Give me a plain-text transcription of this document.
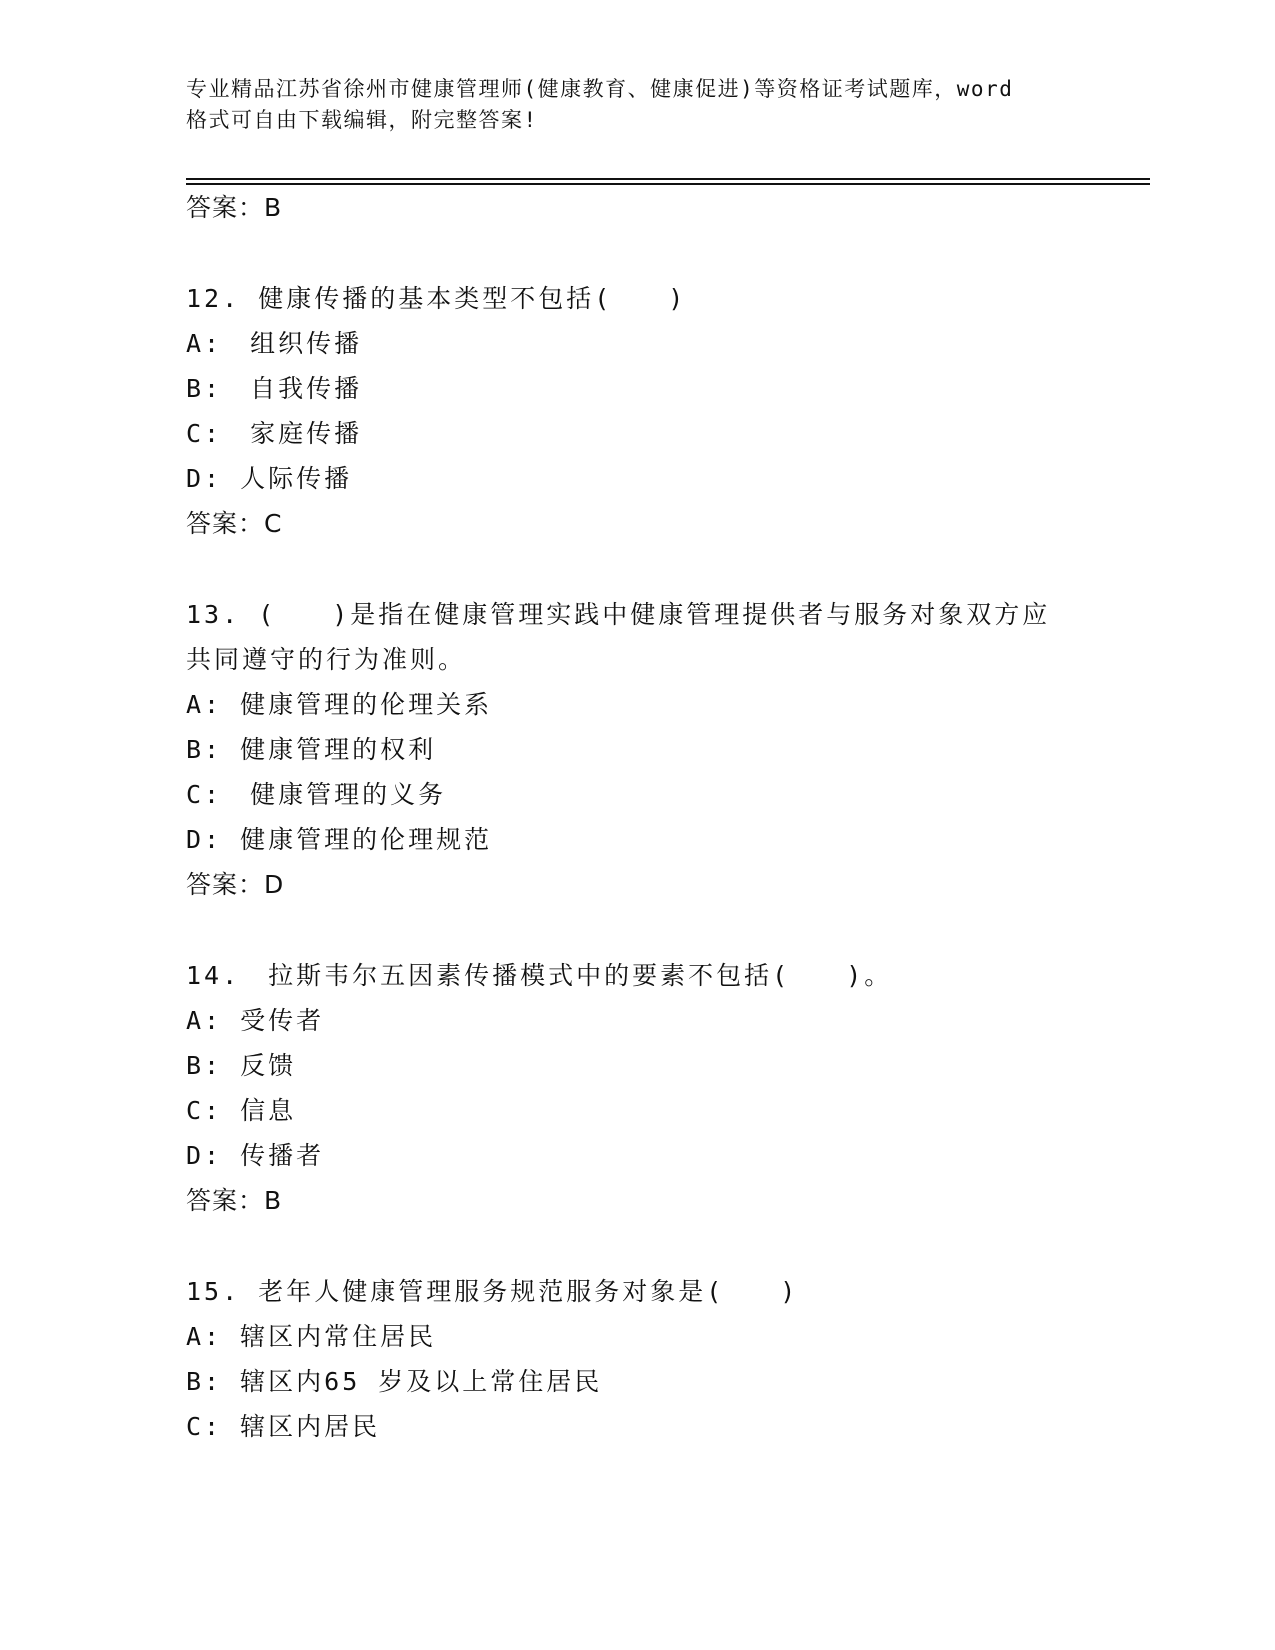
专业精品江苏省徐州市健康管理师(健康教育、健康促进)等资格证考试题库，word
格式可自由下载编辑，附完整答案!
答案：B
12. 健康传播的基本类型不包括(　　)
A:　组织传播
B:　自我传播
C:　家庭传播
D: 人际传播
答案：C
13. (　　)是指在健康管理实践中健康管理提供者与服务对象双方应
共同遵守的行为准则。
A: 健康管理的伦理关系
B: 健康管理的权利
C:　健康管理的义务
D: 健康管理的伦理规范
答案：D
14.　拉斯韦尔五因素传播模式中的要素不包括(　　)。
A: 受传者
B: 反馈
C: 信息
D: 传播者
答案：B
15. 老年人健康管理服务规范服务对象是(　　)
A: 辖区内常住居民
B: 辖区内65 岁及以上常住居民
C: 辖区内居民
